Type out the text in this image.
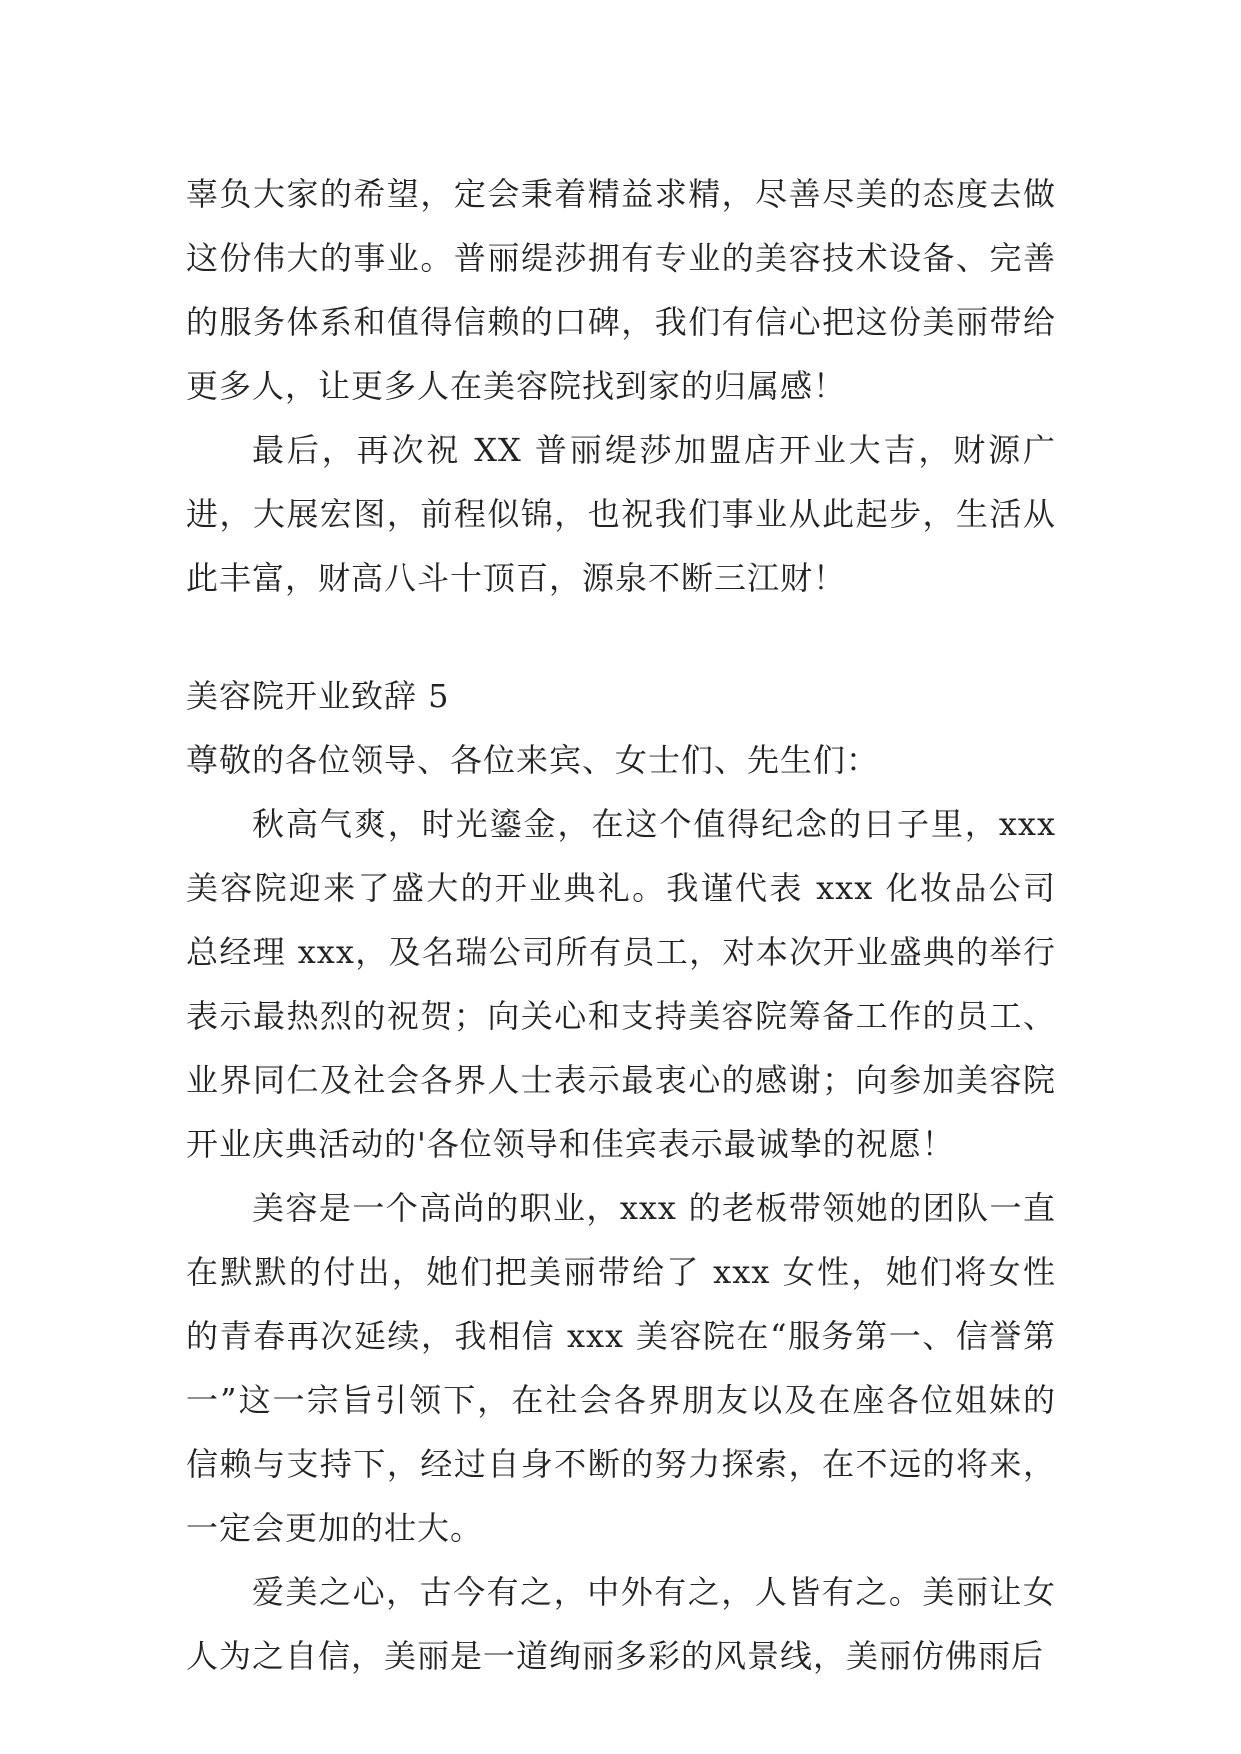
辜负大家的希望，定会秉着精益求精，尽善尽美的态度去做这份伟大的事业。普丽缇莎拥有专业的美容技术设备、完善的服务体系和值得信赖的口碑，我们有信心把这份美丽带给更多人，让更多人在美容院找到家的归属感！

最后，再次祝 XX 普丽缇莎加盟店开业大吉，财源广进，大展宏图，前程似锦，也祝我们事业从此起步，生活从此丰富，财高八斗十顶百，源泉不断三江财！

美容院开业致辞 5

尊敬的各位领导、各位来宾、女士们、先生们：

秋高气爽，时光鎏金，在这个值得纪念的日子里，xxx 美容院迎来了盛大的开业典礼。我谨代表 xxx 化妆品公司总经理 xxx，及名瑞公司所有员工，对本次开业盛典的举行表示最热烈的祝贺；向关心和支持美容院筹备工作的员工、业界同仁及社会各界人士表示最衷心的感谢；向参加美容院开业庆典活动的'各位领导和佳宾表示最诚挚的祝愿！

美容是一个高尚的职业，xxx 的老板带领她的团队一直在默默的付出，她们把美丽带给了 xxx 女性，她们将女性的青春再次延续，我相信 xxx 美容院在“服务第一、信誉第一”这一宗旨引领下，在社会各界朋友以及在座各位姐妹的信赖与支持下，经过自身不断的努力探索，在不远的将来，一定会更加的壮大。

爱美之心，古今有之，中外有之，人皆有之。美丽让女人为之自信，美丽是一道绚丽多彩的风景线，美丽仿佛雨后
